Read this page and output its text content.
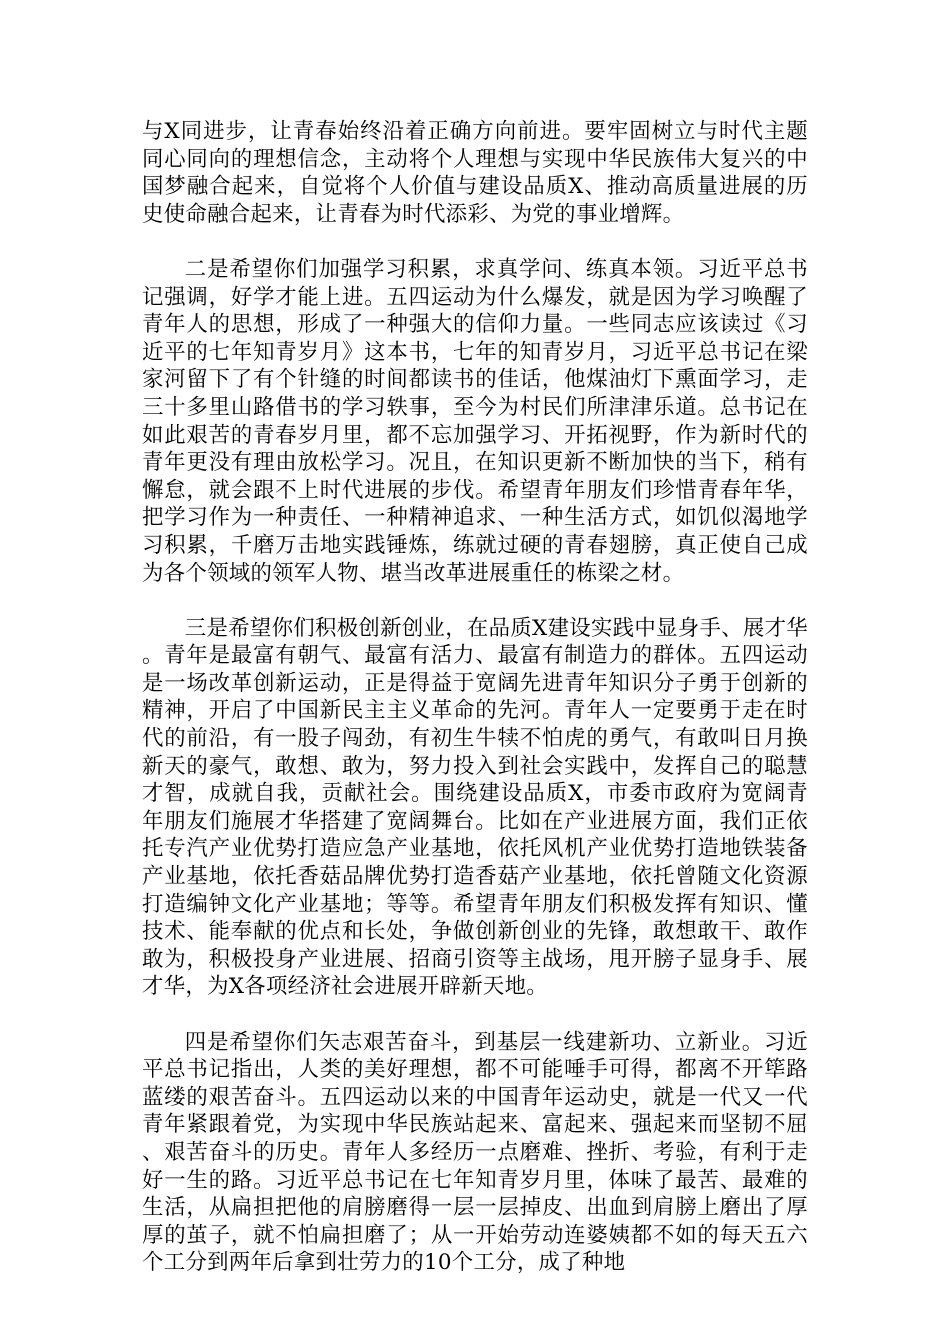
与X同进步，让青春始终沿着正确方向前进。要牢固树立与时代主题同心同向的理想信念，主动将个人理想与实现中华民族伟大复兴的中国梦融合起来，自觉将个人价值与建设品质X、推动高质量进展的历史使命融合起来，让青春为时代添彩、为党的事业增辉。

二是希望你们加强学习积累，求真学问、练真本领。习近平总书记强调，好学才能上进。五四运动为什么爆发，就是因为学习唤醒了青年人的思想，形成了一种强大的信仰力量。一些同志应该读过《习近平的七年知青岁月》这本书，七年的知青岁月，习近平总书记在梁家河留下了有个针缝的时间都读书的佳话，他煤油灯下熏面学习，走三十多里山路借书的学习轶事，至今为村民们所津津乐道。总书记在如此艰苦的青春岁月里，都不忘加强学习、开拓视野，作为新时代的青年更没有理由放松学习。况且，在知识更新不断加快的当下，稍有懈怠，就会跟不上时代进展的步伐。希望青年朋友们珍惜青春年华，把学习作为一种责任、一种精神追求、一种生活方式，如饥似渴地学习积累，千磨万击地实践锤炼，练就过硬的青春翅膀，真正使自己成为各个领域的领军人物、堪当改革进展重任的栋梁之材。

三是希望你们积极创新创业，在品质X建设实践中显身手、展才华。青年是最富有朝气、最富有活力、最富有制造力的群体。五四运动是一场改革创新运动，正是得益于宽阔先进青年知识分子勇于创新的精神，开启了中国新民主主义革命的先河。青年人一定要勇于走在时代的前沿，有一股子闯劲，有初生牛犊不怕虎的勇气，有敢叫日月换新天的豪气，敢想、敢为，努力投入到社会实践中，发挥自己的聪慧才智，成就自我，贡献社会。围绕建设品质X，市委市政府为宽阔青年朋友们施展才华搭建了宽阔舞台。比如在产业进展方面，我们正依托专汽产业优势打造应急产业基地，依托风机产业优势打造地铁装备产业基地，依托香菇品牌优势打造香菇产业基地，依托曾随文化资源打造编钟文化产业基地；等等。希望青年朋友们积极发挥有知识、懂技术、能奉献的优点和长处，争做创新创业的先锋，敢想敢干、敢作敢为，积极投身产业进展、招商引资等主战场，甩开膀子显身手、展才华，为X各项经济社会进展开辟新天地。

四是希望你们矢志艰苦奋斗，到基层一线建新功、立新业。习近平总书记指出，人类的美好理想，都不可能唾手可得，都离不开筚路蓝缕的艰苦奋斗。五四运动以来的中国青年运动史，就是一代又一代青年紧跟着党，为实现中华民族站起来、富起来、强起来而坚韧不屈、艰苦奋斗的历史。青年人多经历一点磨难、挫折、考验，有利于走好一生的路。习近平总书记在七年知青岁月里，体味了最苦、最难的生活，从扁担把他的肩膀磨得一层一层掉皮、出血到肩膀上磨出了厚厚的茧子，就不怕扁担磨了；从一开始劳动连婆姨都不如的每天五六个工分到两年后拿到壮劳力的10个工分，成了种地
